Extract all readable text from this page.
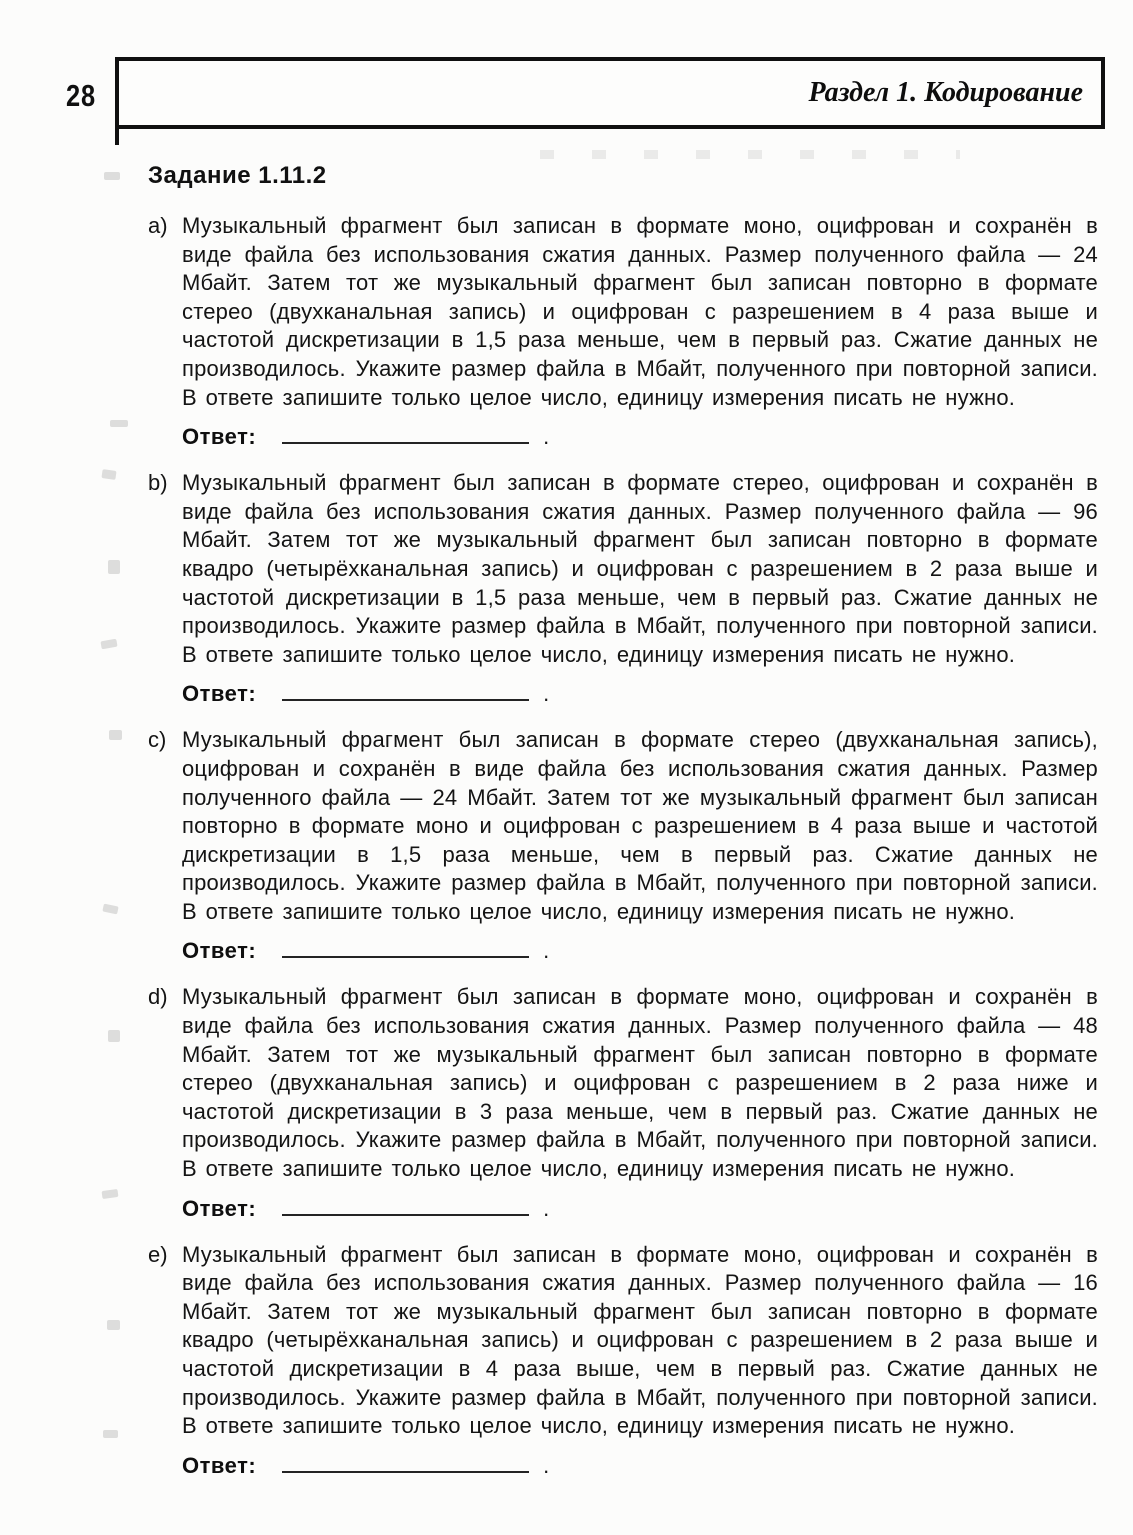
28	Раздел 1. Кодирование
Задание 1.11.2
a) Музыкальный фрагмент был записан в формате моно, оцифрован и сохранён в виде файла без использования сжатия данных. Размер полученного файла — 24 Мбайт. Затем тот же музыкальный фрагмент был записан повторно в формате стерео (двухканальная запись) и оцифрован с разрешением в 4 раза выше и частотой дискретизации в 1,5 раза меньше, чем в первый раз. Сжатие данных не производилось. Укажите размер файла в Мбайт, полученного при повторной записи. В ответе запишите только целое число, единицу измерения писать не нужно.

Ответ:	.
b) Музыкальный фрагмент был записан в формате стерео, оцифрован и сохранён в виде файла без использования сжатия данных. Размер полученного файла — 96 Мбайт. Затем тот же музыкальный фрагмент был записан повторно в формате квадро (четырёхканальная запись) и оцифрован с разрешением в 2 раза выше и частотой дискретизации в 1,5 раза меньше, чем в первый раз. Сжатие данных не производилось. Укажите размер файла в Мбайт, полученного при повторной записи. В ответе запишите только целое число, единицу измерения писать не нужно.

Ответ:	.
c) Музыкальный фрагмент был записан в формате стерео (двухканальная запись), оцифрован и сохранён в виде файла без использования сжатия данных. Размер полученного файла — 24 Мбайт. Затем тот же музыкальный фрагмент был записан повторно в формате моно и оцифрован с разрешением в 4 раза выше и частотой дискретизации в 1,5 раза меньше, чем в первый раз. Сжатие данных не производилось. Укажите размер файла в Мбайт, полученного при повторной записи. В ответе запишите только целое число, единицу измерения писать не нужно.

Ответ:	.
d) Музыкальный фрагмент был записан в формате моно, оцифрован и сохранён в виде файла без использования сжатия данных. Размер полученного файла — 48 Мбайт. Затем тот же музыкальный фрагмент был записан повторно в формате стерео (двухканальная запись) и оцифрован с разрешением в 2 раза ниже и частотой дискретизации в 3 раза меньше, чем в первый раз. Сжатие данных не производилось. Укажите размер файла в Мбайт, полученного при повторной записи. В ответе запишите только целое число, единицу измерения писать не нужно.

Ответ:	.
e) Музыкальный фрагмент был записан в формате моно, оцифрован и сохранён в виде файла без использования сжатия данных. Размер полученного файла — 16 Мбайт. Затем тот же музыкальный фрагмент был записан повторно в формате квадро (четырёхканальная запись) и оцифрован с разрешением в 2 раза выше и частотой дискретизации в 4 раза выше, чем в первый раз. Сжатие данных не производилось. Укажите размер файла в Мбайт, полученного при повторной записи. В ответе запишите только целое число, единицу измерения писать не нужно.

Ответ:	.
